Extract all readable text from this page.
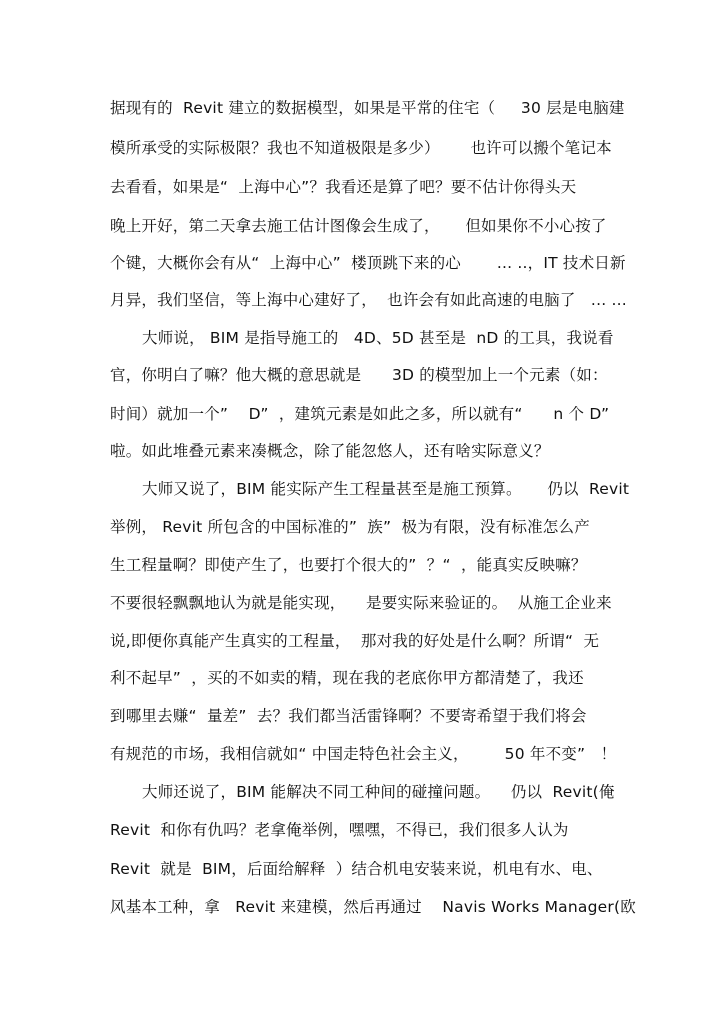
据现有的  Revit 建立的数据模型，如果是平常的住宅（     30 层是电脑建
模所承受的实际极限？我也不知道极限是多少）      也许可以搬个笔记本
去看看，如果是“  上海中心”？我看还是算了吧？要不估计你得头天
晚上开好，第二天拿去施工估计图像会生成了，     但如果你不小心按了
个键，大概你会有从“  上海中心”  楼顶跳下来的心       ... ..，IT 技术日新
月异，我们坚信，等上海中心建好了，  也许会有如此高速的电脑了   ... ...
大师说， BIM 是指导施工的   4D、5D 甚至是  nD 的工具，我说看
官，你明白了嘛？他大概的意思就是      3D 的模型加上一个元素（如：
时间）就加一个”    D”  ，建筑元素是如此之多，所以就有“      n 个 D”
啦。如此堆叠元素来凑概念，除了能忽悠人，还有啥实际意义？
大师又说了，BIM 能实际产生工程量甚至是施工预算。     仍以  Revit
举例， Revit 所包含的中国标准的”  族”  极为有限，没有标准怎么产
生工程量啊？即使产生了，也要打个很大的”  ？“  ，能真实反映嘛？
不要很轻飘飘地认为就是能实现，    是要实际来验证的。  从施工企业来
说,即便你真能产生真实的工程量，  那对我的好处是什么啊？所谓“  无
利不起早”  ，买的不如卖的精，现在我的老底你甲方都清楚了，我还
到哪里去赚“  量差”  去？我们都当活雷锋啊？不要寄希望于我们将会
有规范的市场，我相信就如“ 中国走特色社会主义，       50 年不变”   ！
大师还说了，BIM 能解决不同工种间的碰撞问题。    仍以  Revit(俺
Revit  和你有仇吗？老拿俺举例，嘿嘿，不得已，我们很多人认为
Revit  就是  BIM，后面给解释  ）结合机电安装来说，机电有水、电、
风基本工种，拿   Revit 来建模，然后再通过    Navis Works Manager(欧
